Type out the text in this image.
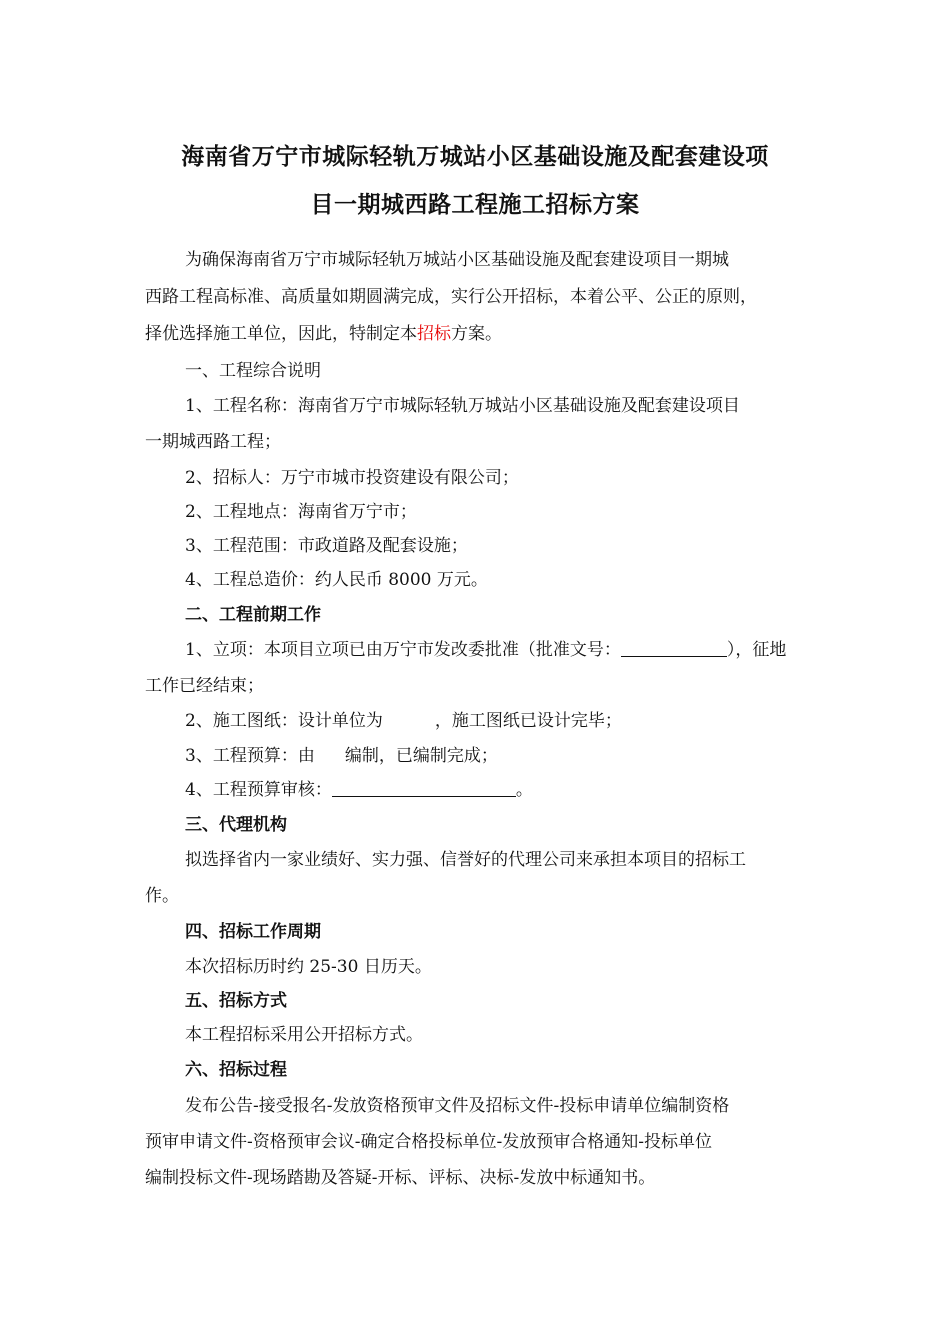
海南省万宁市城际轻轨万城站小区基础设施及配套建设项
目一期城西路工程施工招标方案
为确保海南省万宁市城际轻轨万城站小区基础设施及配套建设项目一期城
西路工程高标准、高质量如期圆满完成，实行公开招标，本着公平、公正的原则，
择优选择施工单位，因此，特制定本招标方案。
一、工程综合说明
1、工程名称：海南省万宁市城际轻轨万城站小区基础设施及配套建设项目
一期城西路工程；
2、招标人：万宁市城市投资建设有限公司；
2、工程地点：海南省万宁市；
3、工程范围：市政道路及配套设施；
4、工程总造价：约人民币 8000 万元。
二、工程前期工作
1、立项：本项目立项已由万宁市发改委批准（批准文号：	），征地
工作已经结束；
2、施工图纸：设计单位为	，施工图纸已设计完毕；
3、工程预算：由 编制，已编制完成；
4、工程预算审核：	。
三、代理机构
拟选择省内一家业绩好、实力强、信誉好的代理公司来承担本项目的招标工
作。
四、招标工作周期
本次招标历时约 25-30 日历天。
五、招标方式
本工程招标采用公开招标方式。
六、招标过程
发布公告-接受报名-发放资格预审文件及招标文件-投标申请单位编制资格
预审申请文件-资格预审会议-确定合格投标单位-发放预审合格通知-投标单位
编制投标文件-现场踏勘及答疑-开标、评标、决标-发放中标通知书。
